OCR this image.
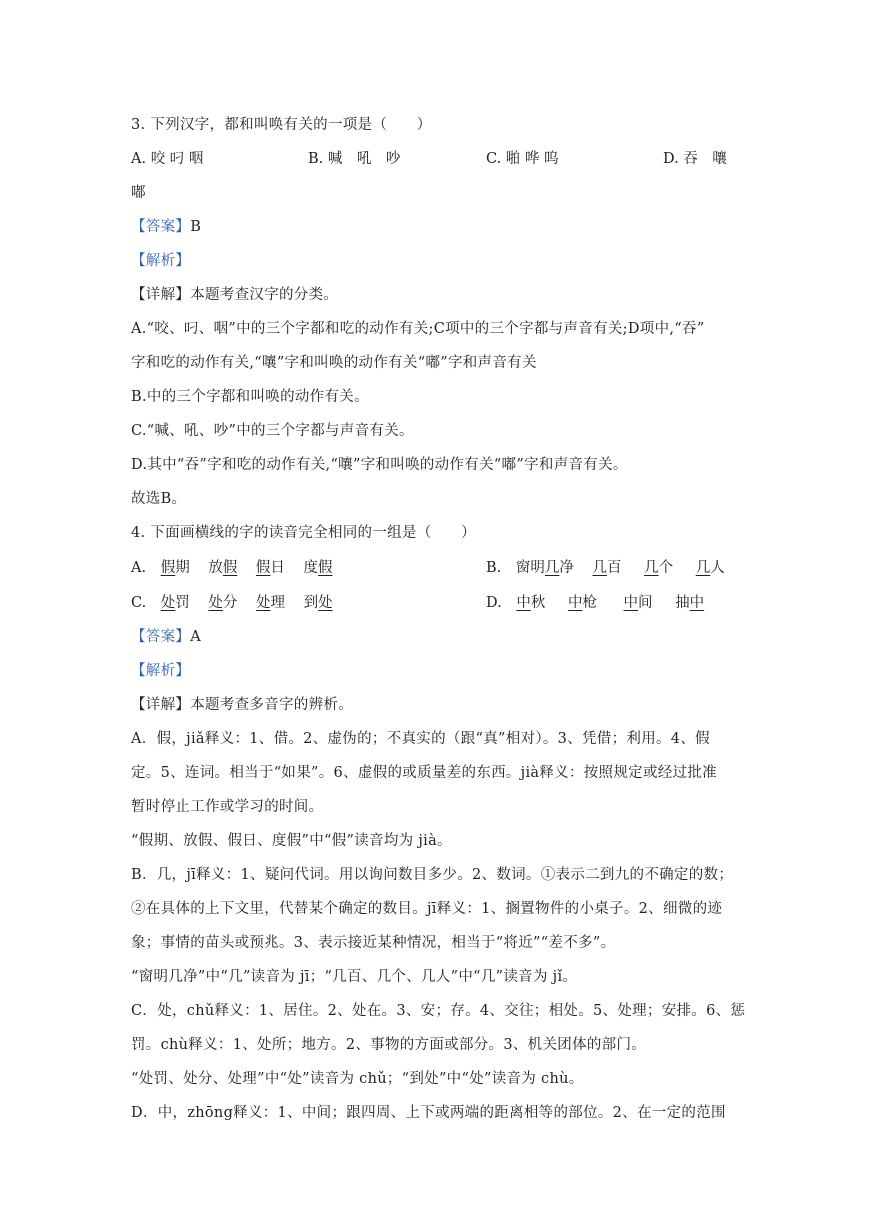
3. 下列汉字，都和叫唤有关的一项是（　　）
A. 咬 叼 咽	B. 喊　吼　吵	C. 啪 哗 呜	D. 吞　嚷
嘟
【答案】B
【解析】
【详解】本题考查汉字的分类。
A.“咬、叼、咽”中的三个字都和吃的动作有关;C项中的三个字都与声音有关;D项中,“吞”
字和吃的动作有关,“嚷”字和叫唤的动作有关“嘟”字和声音有关
B.中的三个字都和叫唤的动作有关。
C.“喊、吼、吵”中的三个字都与声音有关。
D.其中“吞”字和吃的动作有关,“嚷”字和叫唤的动作有关“嘟”字和声音有关。
故选B。
4. 下面画横线的字的读音完全相同的一组是（　　）
A. 假期 放假 假日 度假	B. 窗明几净 几百 几个 几人
C. 处罚 处分 处理 到处	D. 中秋 中枪 中间 抽中
【答案】A
【解析】
【详解】本题考查多音字的辨析。
A．假，jiǎ释义：1、借。2、虚伪的；不真实的（跟“真”相对）。3、凭借；利用。4、假
定。5、连词。相当于“如果”。6、虚假的或质量差的东西。jià释义：按照规定或经过批准
暂时停止工作或学习的时间。
“假期、放假、假日、度假”中“假”读音均为 jià。
B．几，jī释义：1、疑问代词。用以询问数目多少。2、数词。①表示二到九的不确定的数；
②在具体的上下文里，代替某个确定的数目。jī释义：1、搁置物件的小桌子。2、细微的迹
象；事情的苗头或预兆。3、表示接近某种情况，相当于“将近”“差不多”。
“窗明几净”中“几”读音为 jī；“几百、几个、几人”中“几”读音为 jǐ。
C．处，chǔ释义：1、居住。2、处在。3、安；存。4、交往；相处。5、处理；安排。6、惩
罚。chù释义：1、处所；地方。2、事物的方面或部分。3、机关团体的部门。
“处罚、处分、处理”中“处”读音为 chǔ；“到处”中“处”读音为 chù。
D．中，zhōng释义：1、中间；跟四周、上下或两端的距离相等的部位。2、在一定的范围
